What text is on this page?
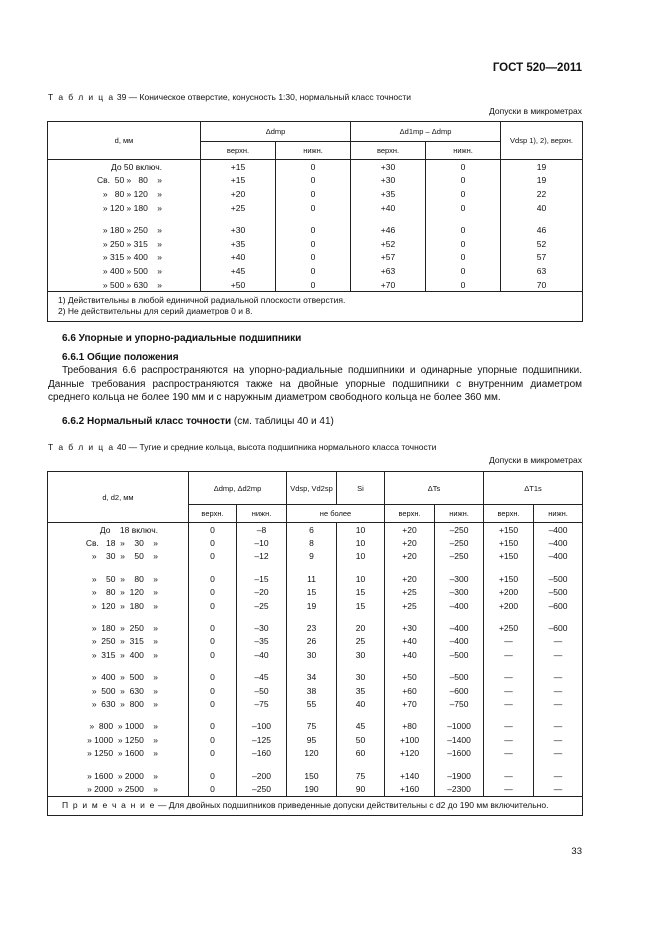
ГОСТ 520—2011
Т а б л и ц а 39 — Коническое отверстие, конусность 1:30, нормальный класс точности
Допуски в микрометрах
d, мм	Δdmp		Δd1mp – Δdmp		Vdsp 1), 2), верхн.
	верхн.	нижн.	верхн.	нижн.	
До 50 включ.	+15	0	+30	0	19
Св.  50 »   80    »	+15	0	+30	0	19
»   80 » 120    »	+20	0	+35	0	22
» 120 » 180    »	+25	0	+40	0	40

» 180 » 250    »	+30	0	+46	0	46
» 250 » 315    »	+35	0	+52	0	52
» 315 » 400    »	+40	0	+57	0	57
» 400 » 500    »	+45	0	+63	0	63
» 500 » 630    »	+50	0	+70	0	70

1) Действительны в любой единичной радиальной плоскости отверстия.
2) Не действительны для серий диаметров 0 и 8.					
6.6 Упорные и упорно-радиальные подшипники
6.6.1 Общие положения
Требования 6.6 распространяются на упорно-радиальные подшипники и одинарные упорные подшипники. Данные требования распространяются также на двойные упорные подшипники с внутренним диаметром среднего кольца не более 190 мм и с наружным диаметром свободного кольца не более 360 мм.
6.6.2 Нормальный класс точности (см. таблицы 40 и 41)
Т а б л и ц а 40 — Тугие и средние кольца, высота подшипника нормального класса точности
Допуски в микрометрах
d, d2, мм	Δdmp, Δd2mp		Vdsp, Vd2sp	Si	ΔTs		ΔT1s	
	верхн.	нижн.	не более		верхн.	нижн.	верхн.	нижн.
До    18 включ.	0	–8	6	10	+20	–250	+150	–400
Св.   18  »    30    »	0	–10	8	10	+20	–250	+150	–400
»    30  »    50    »	0	–12	9	10	+20	–250	+150	–400

»    50  »    80    »	0	–15	11	10	+20	–300	+150	–500
»    80  »  120    »	0	–20	15	15	+25	–300	+200	–500
»  120  »  180    »	0	–25	19	15	+25	–400	+200	–600

»  180  »  250    »	0	–30	23	20	+30	–400	+250	–600
»  250  »  315    »	0	–35	26	25	+40	–400	—	—
»  315  »  400    »	0	–40	30	30	+40	–500	—	—

»  400  »  500    »	0	–45	34	30	+50	–500	—	—
»  500  »  630    »	0	–50	38	35	+60	–600	—	—
»  630  »  800    »	0	–75	55	40	+70	–750	—	—

»  800  » 1000    »	0	–100	75	45	+80	–1000	—	—
» 1000  » 1250    »	0	–125	95	50	+100	–1400	—	—
» 1250  » 1600    »	0	–160	120	60	+120	–1600	—	—

» 1600  » 2000    »	0	–200	150	75	+140	–1900	—	—
» 2000  » 2500    »	0	–250	190	90	+160	–2300	—	—
П р и м е ч а н и е — Для двойных подшипников приведенные допуски действительны с d2 до 190 мм включительно.								
33
